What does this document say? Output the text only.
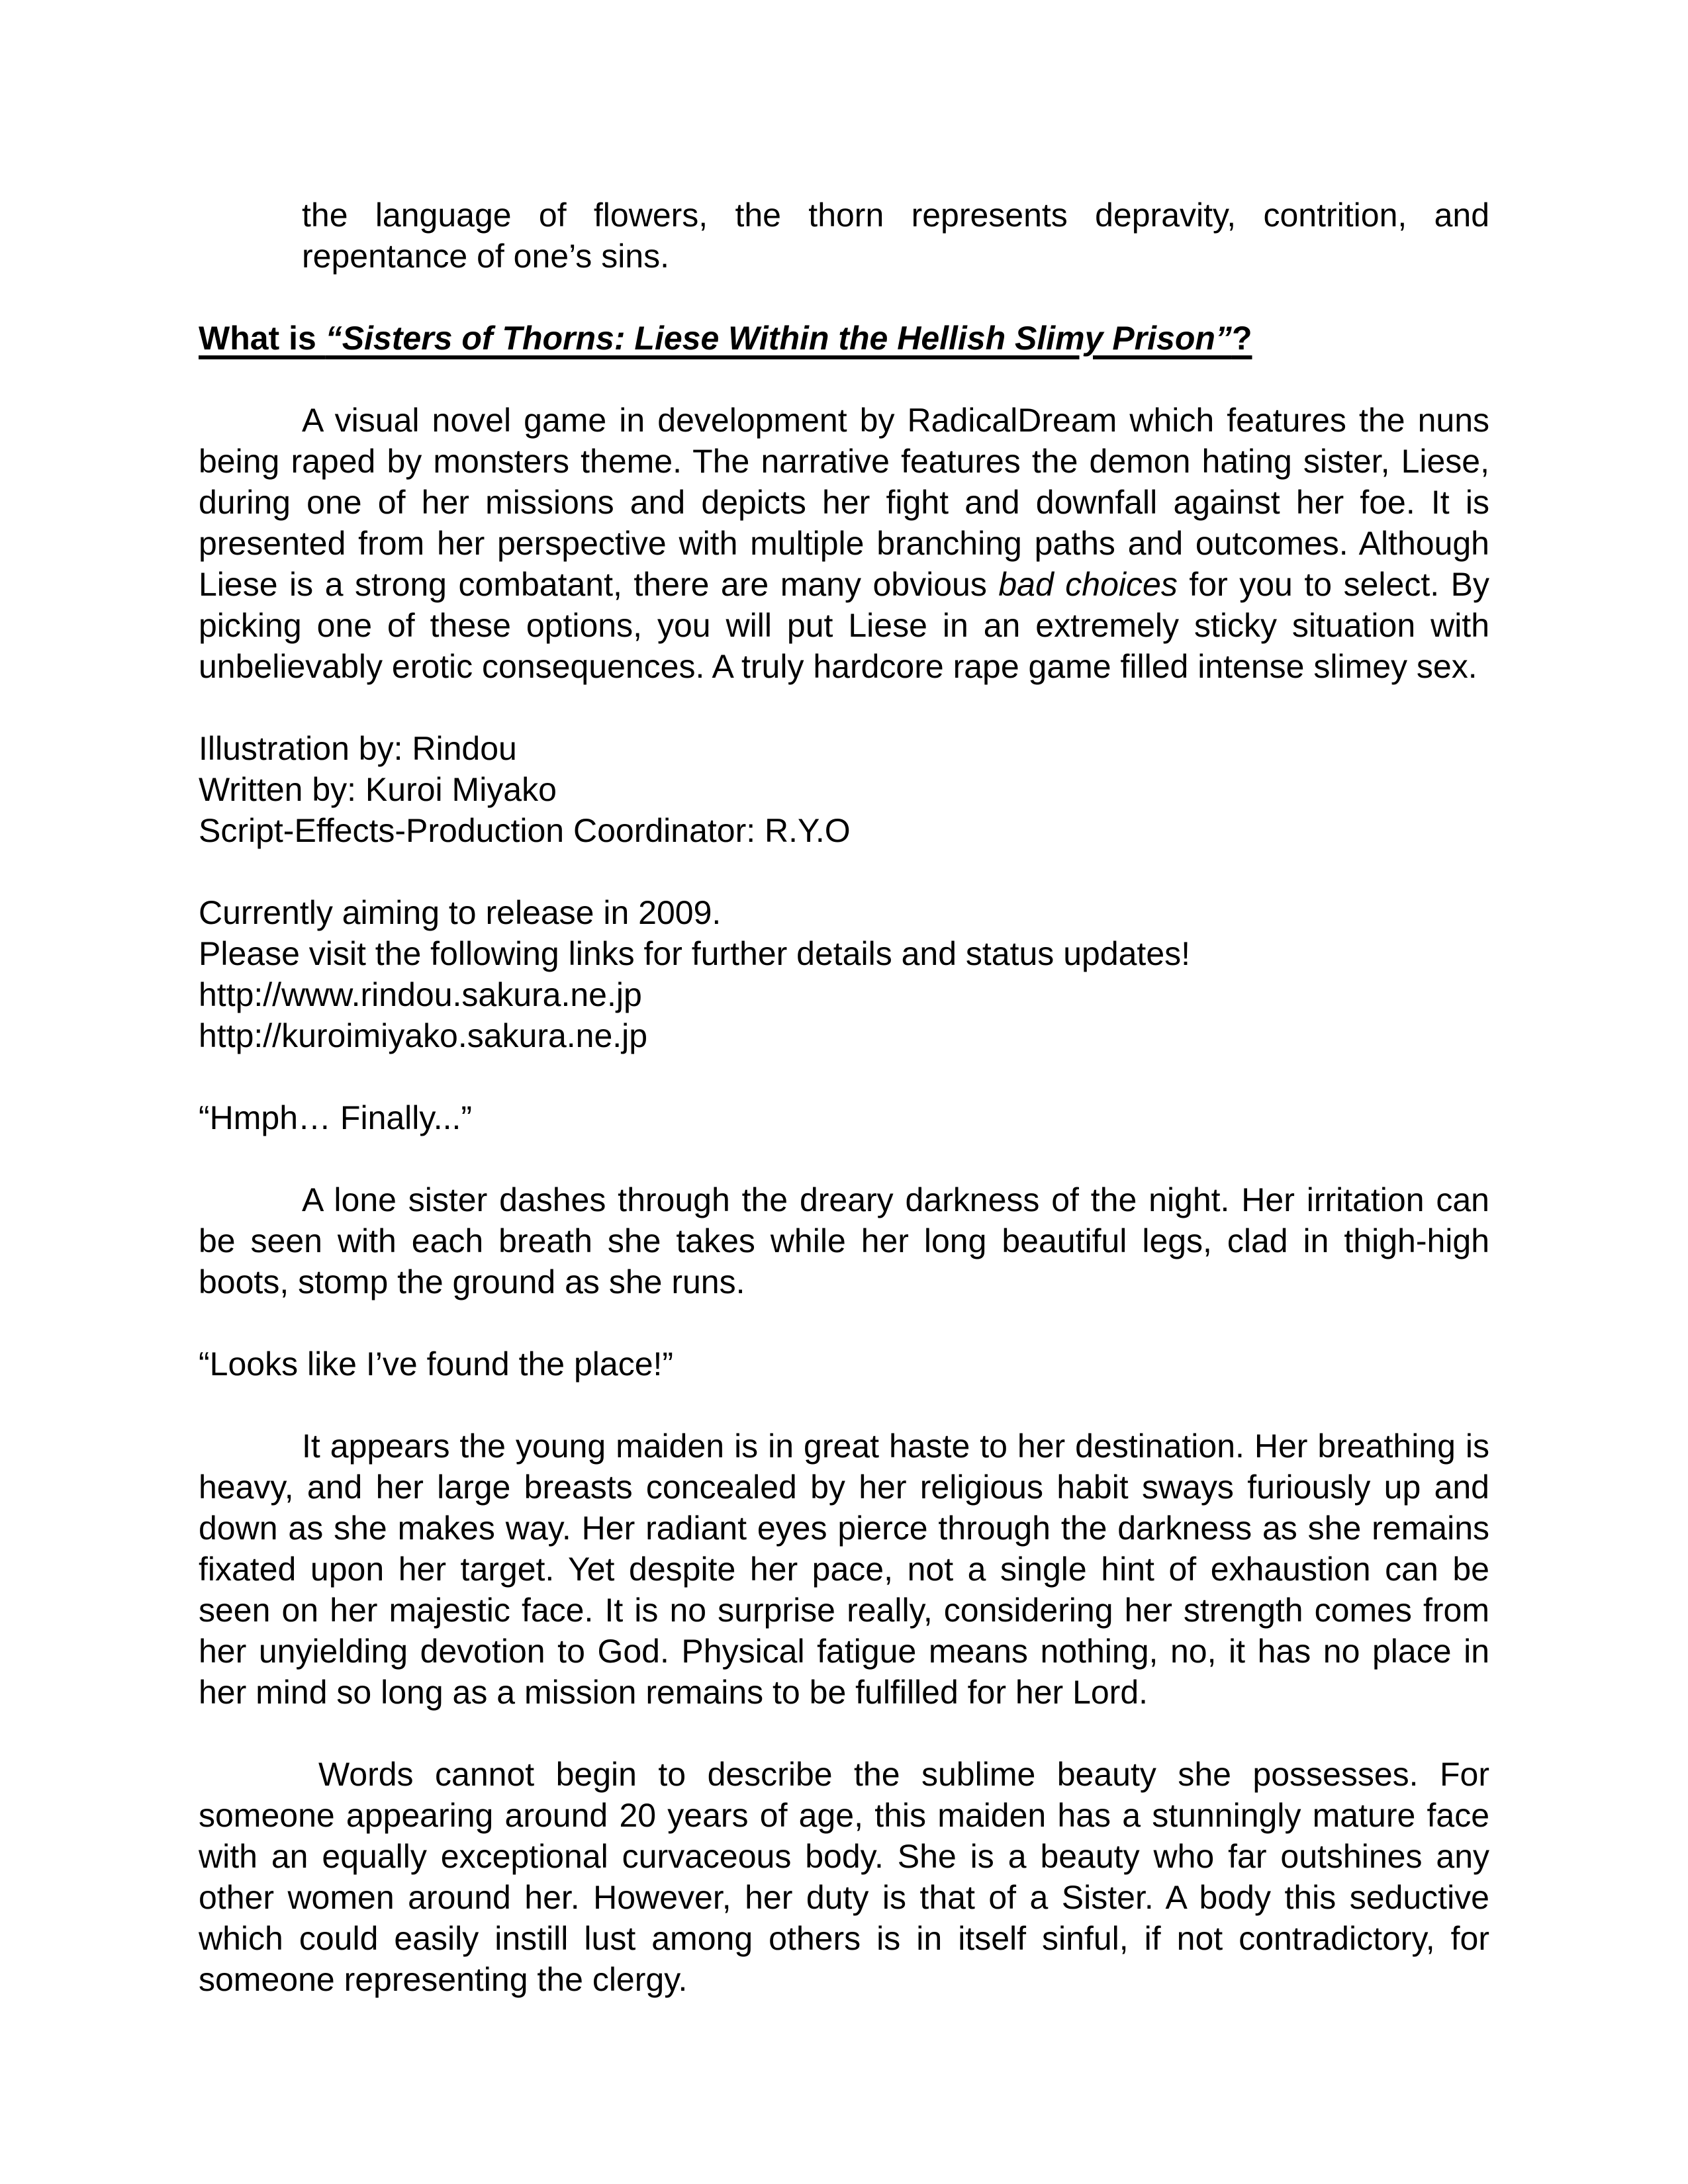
the language of flowers, the thorn represents depravity, contrition, and repentance of one’s sins.

What is “Sisters of Thorns: Liese Within the Hellish Slimy Prison”?

A visual novel game in development by RadicalDream which features the nuns being raped by monsters theme. The narrative features the demon hating sister, Liese, during one of her missions and depicts her fight and downfall against her foe. It is presented from her perspective with multiple branching paths and outcomes. Although Liese is a strong combatant, there are many obvious bad choices for you to select. By picking one of these options, you will put Liese in an extremely sticky situation with unbelievably erotic consequences. A truly hardcore rape game filled intense slimey sex.

Illustration by: Rindou
Written by: Kuroi Miyako
Script-Effects-Production Coordinator: R.Y.O
Currently aiming to release in 2009.
Please visit the following links for further details and status updates!
http://www.rindou.sakura.ne.jp
http://kuroimiyako.sakura.ne.jp

“Hmph… Finally...”

A lone sister dashes through the dreary darkness of the night. Her irritation can be seen with each breath she takes while her long beautiful legs, clad in thigh-high boots, stomp the ground as she runs.

“Looks like I’ve found the place!”

It appears the young maiden is in great haste to her destination. Her breathing is heavy, and her large breasts concealed by her religious habit sways furiously up and down as she makes way. Her radiant eyes pierce through the darkness as she remains fixated upon her target. Yet despite her pace, not a single hint of exhaustion can be seen on her majestic face. It is no surprise really, considering her strength comes from her unyielding devotion to God. Physical fatigue means nothing, no, it has no place in her mind so long as a mission remains to be fulfilled for her Lord.

Words cannot begin to describe the sublime beauty she possesses. For someone appearing around 20 years of age, this maiden has a stunningly mature face with an equally exceptional curvaceous body. She is a beauty who far outshines any other women around her. However, her duty is that of a Sister. A body this seductive which could easily instill lust among others is in itself sinful, if not contradictory, for someone representing the clergy.
